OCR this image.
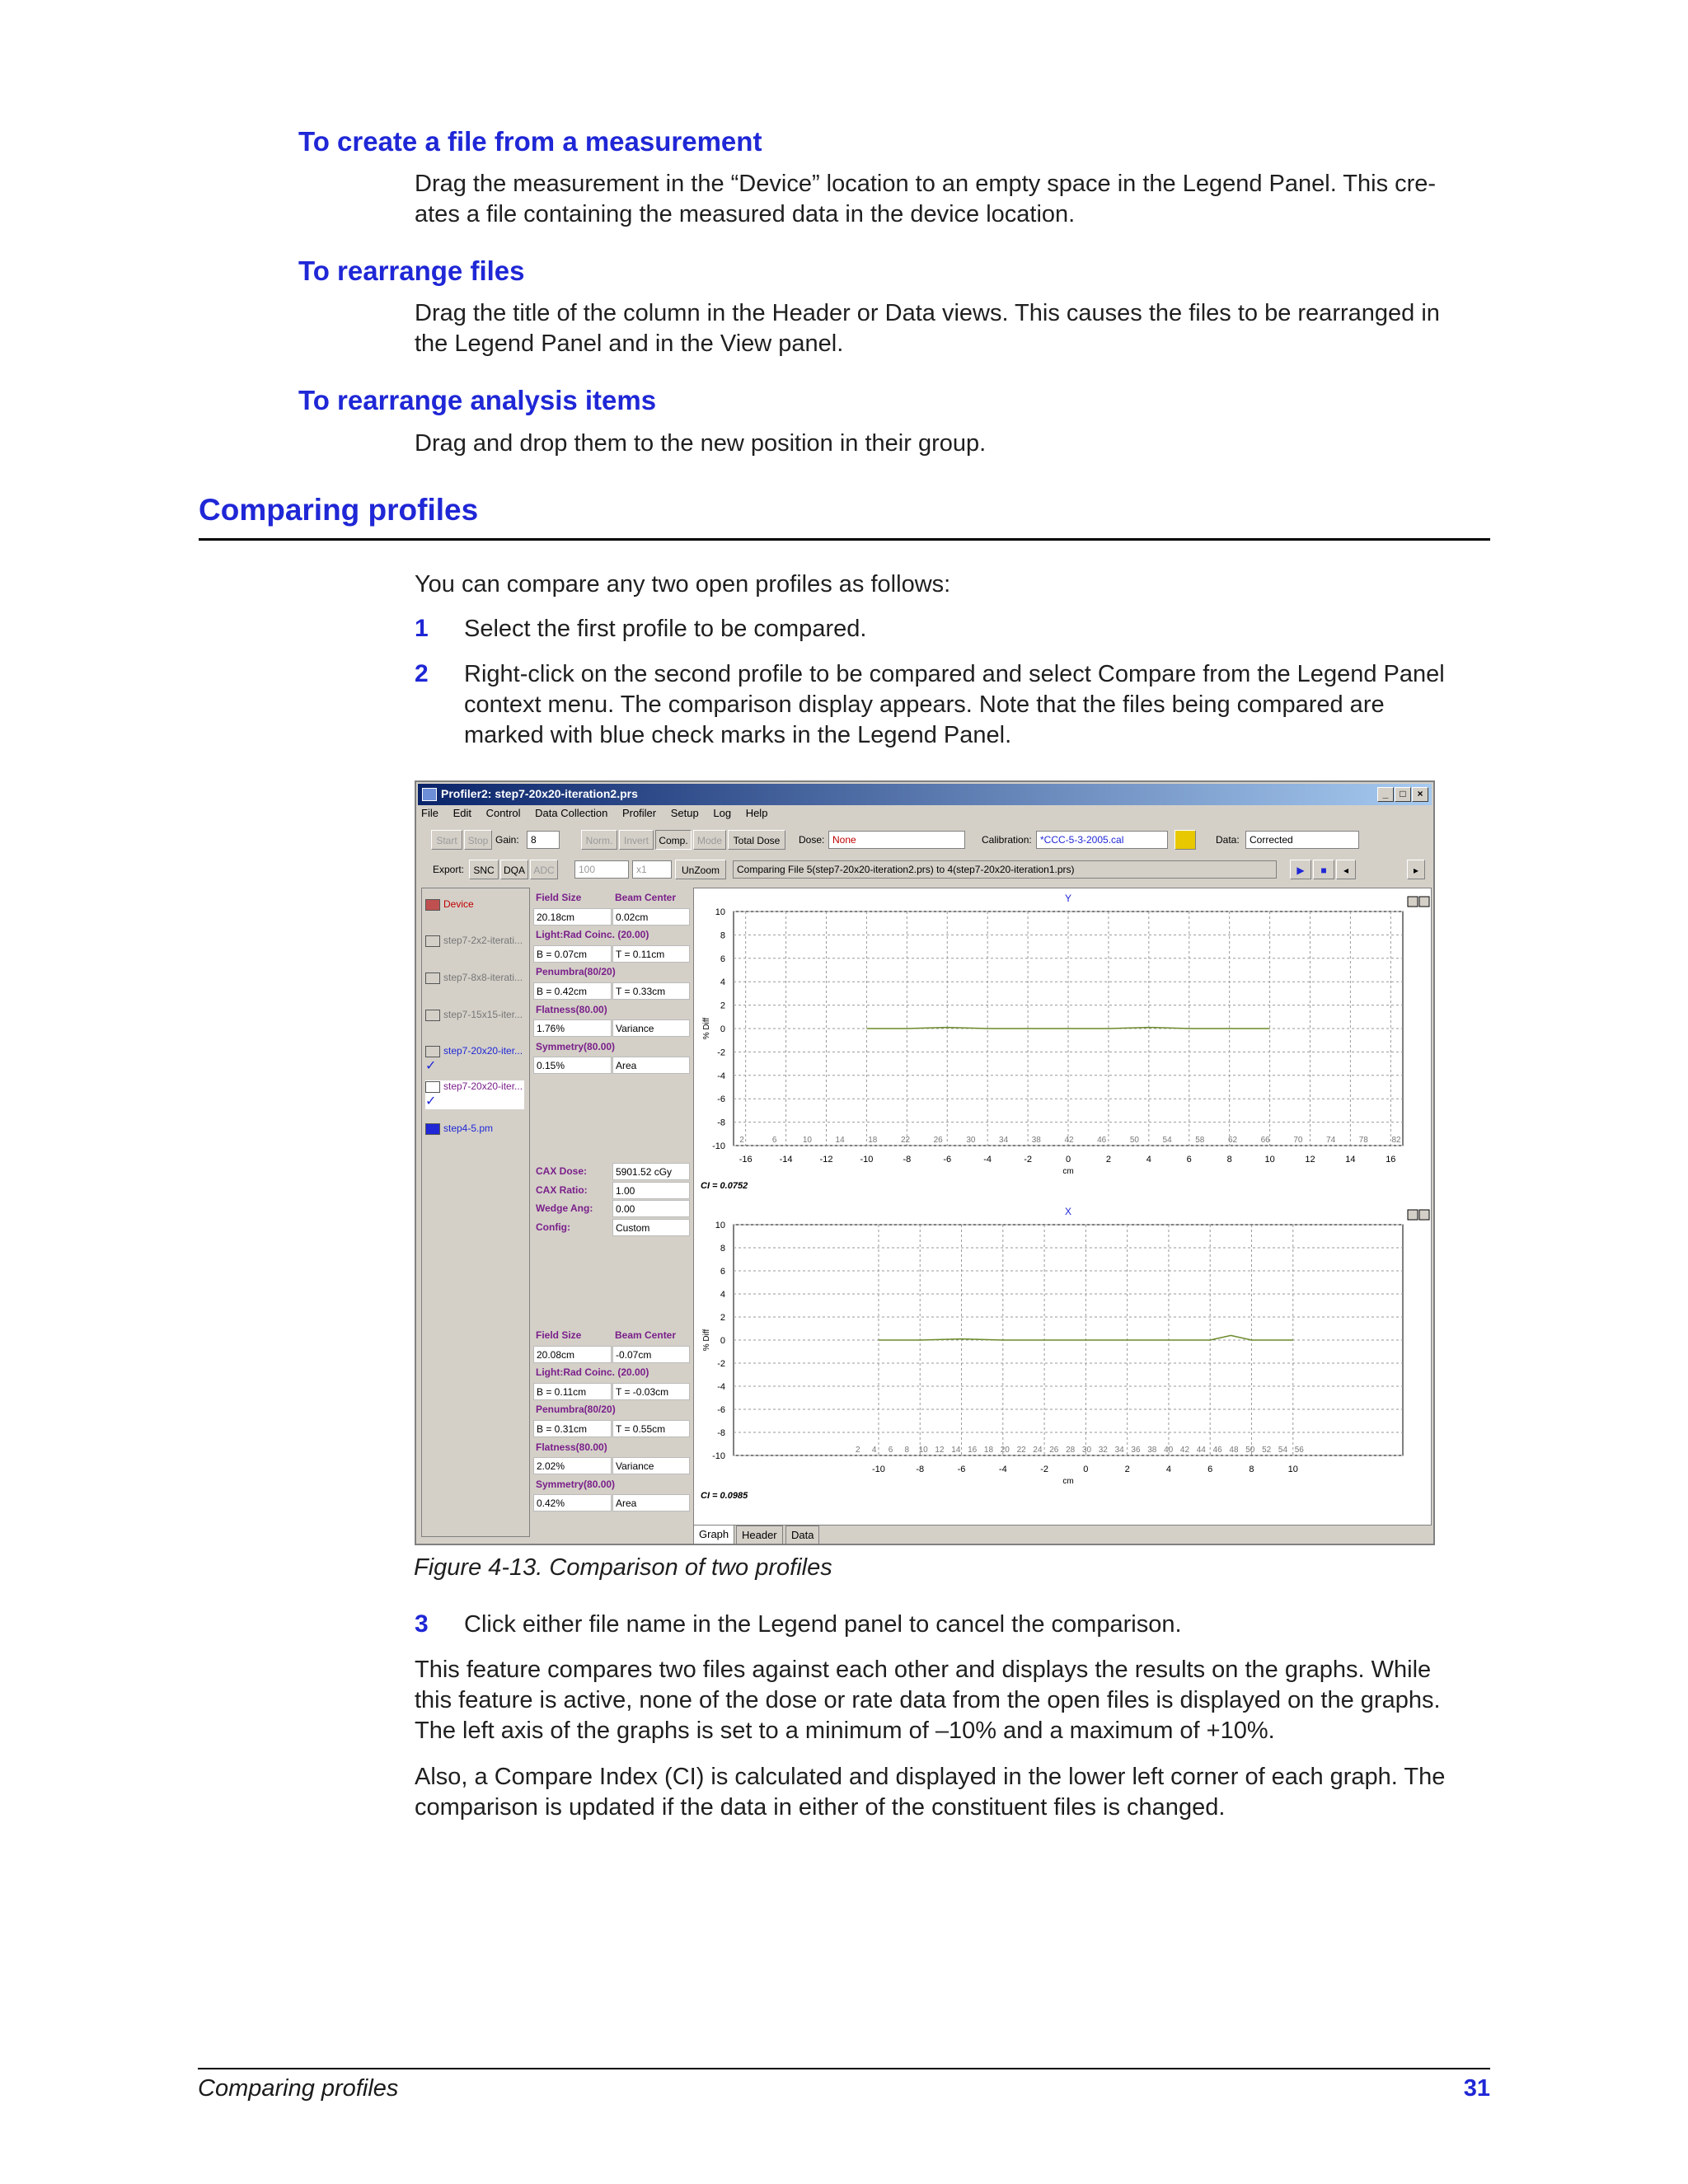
To create a file from a measurement
Drag the measurement in the “Device” location to an empty space in the Legend Panel. This cre-
ates a file containing the measured data in the device location.
To rearrange files
Drag the title of the column in the Header or Data views. This causes the files to be rearranged in
the Legend Panel and in the View panel.
To rearrange analysis items
Drag and drop them to the new position in their group.
Comparing profiles
You can compare any two open profiles as follows:
1 Select the first profile to be compared.
2 Right-click on the second profile to be compared and select Compare from the Legend Panel
context menu. The comparison display appears. Note that the files being compared are
marked with blue check marks in the Legend Panel.
Profiler2: step7-20x20-iteration2.prs	_	□	×
File Edit Control Data Collection Profiler Setup Log Help
Start	Stop Gain:	8	Norm.	Invert	Comp. Mode	Total Dose	Dose: None	Calibration: *CCC-5-3-2005.cal	Data:	Corrected
Export: SNC DQA ADC	100	x1	UnZoom	Comparing File 5(step7-20x20-iteration2.prs) to 4(step7-20x20-iteration1.prs)	▶	■	◂	▸
Device
step7-2x2-iterati...
step7-8x8-iterati...
step7-15x15-iter...
step7-20x20-iter...
✓
step7-20x20-iter...
✓
step4-5.pm
Field Size	Beam Center
20.18cm	0.02cm
Light:Rad Coinc. (20.00)
B = 0.07cm	T = 0.11cm
Penumbra(80/20)
B = 0.42cm	T = 0.33cm
Flatness(80.00)
1.76%	Variance
Symmetry(80.00)
0.15%	Area
CAX Dose:	5901.52 cGy
CAX Ratio:	1.00
Wedge Ang:	0.00
Config:	Custom
Field Size	Beam Center
20.08cm	-0.07cm
Light:Rad Coinc. (20.00)
B = 0.11cm	T = -0.03cm
Penumbra(80/20)
B = 0.31cm	T = 0.55cm
Flatness(80.00)
2.02%	Variance
Symmetry(80.00)
0.42%	Area
Y
10
8
6
4
2
0
-2
-4
-6
-8
-10
-16	-14	-12	-10	-8	-6	-4	-2	0	2	4	6	8	10	12	14	16
cm
% Diff
2	6	10	14	18	22	26	30	34	38	42	46	50	54	58	62	66	70	74	78	82
CI = 0.0752
X
10
8
6
4
2
0
-2
-4
-6
-8
-10
-10	-8	-6	-4	-2	0	2	4	6	8	10
cm
% Diff
2 4 6 8 10 12 14 16 18 20 22 24 26 28 30 32 34 36 38 40 42 44 46 48 50 52 54 56
CI = 0.0985
Graph	Header	Data
Figure 4-13. Comparison of two profiles
3 Click either file name in the Legend panel to cancel the comparison.
This feature compares two files against each other and displays the results on the graphs. While
this feature is active, none of the dose or rate data from the open files is displayed on the graphs.
The left axis of the graphs is set to a minimum of –10% and a maximum of +10%.
Also, a Compare Index (CI) is calculated and displayed in the lower left corner of each graph. The
comparison is updated if the data in either of the constituent files is changed.
Comparing profiles	31
